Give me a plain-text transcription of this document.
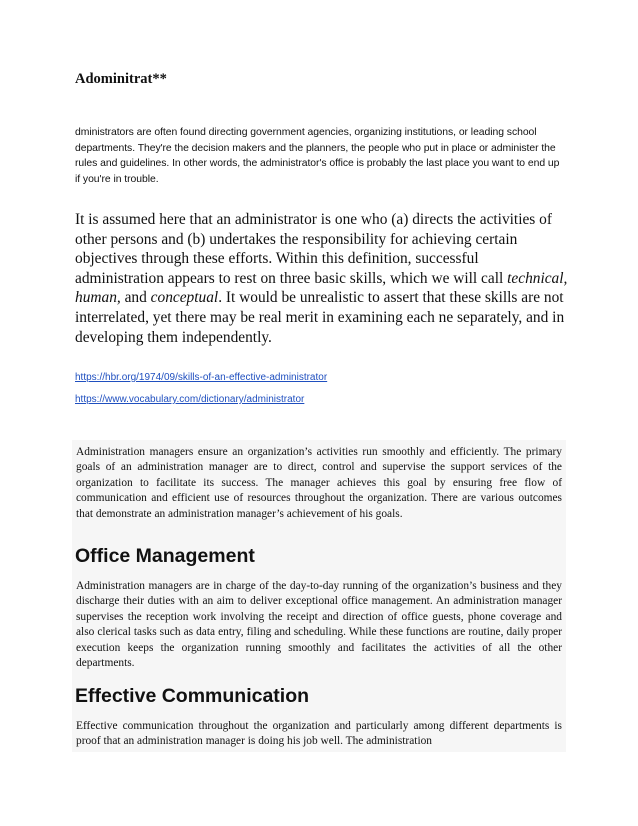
Adominitrat**

dministrators are often found directing government agencies, organizing institutions, or leading school departments. They're the decision makers and the planners, the people who put in place or administer the rules and guidelines. In other words, the administrator's office is probably the last place you want to end up if you're in trouble.

It is assumed here that an administrator is one who (a) directs the activities of other persons and (b) undertakes the responsibility for achieving certain objectives through these efforts. Within this definition, successful administration appears to rest on three basic skills, which we will call technical, human, and conceptual. It would be unrealistic to assert that these skills are not interrelated, yet there may be real merit in examining each ne separately, and in developing them independently.

https://hbr.org/1974/09/skills-of-an-effective-administrator
https://www.vocabulary.com/dictionary/administrator

Administration managers ensure an organization’s activities run smoothly and efficiently. The primary goals of an administration manager are to direct, control and supervise the support services of the organization to facilitate its success. The manager achieves this goal by ensuring free flow of communication and efficient use of resources throughout the organization. There are various outcomes that demonstrate an administration manager’s achievement of his goals.

Office Management

Administration managers are in charge of the day-to-day running of the organization’s business and they discharge their duties with an aim to deliver exceptional office management. An administration manager supervises the reception work involving the receipt and direction of office guests, phone coverage and also clerical tasks such as data entry, filing and scheduling. While these functions are routine, daily proper execution keeps the organization running smoothly and facilitates the activities of all the other departments.

Effective Communication

Effective communication throughout the organization and particularly among different departments is proof that an administration manager is doing his job well. The administration
